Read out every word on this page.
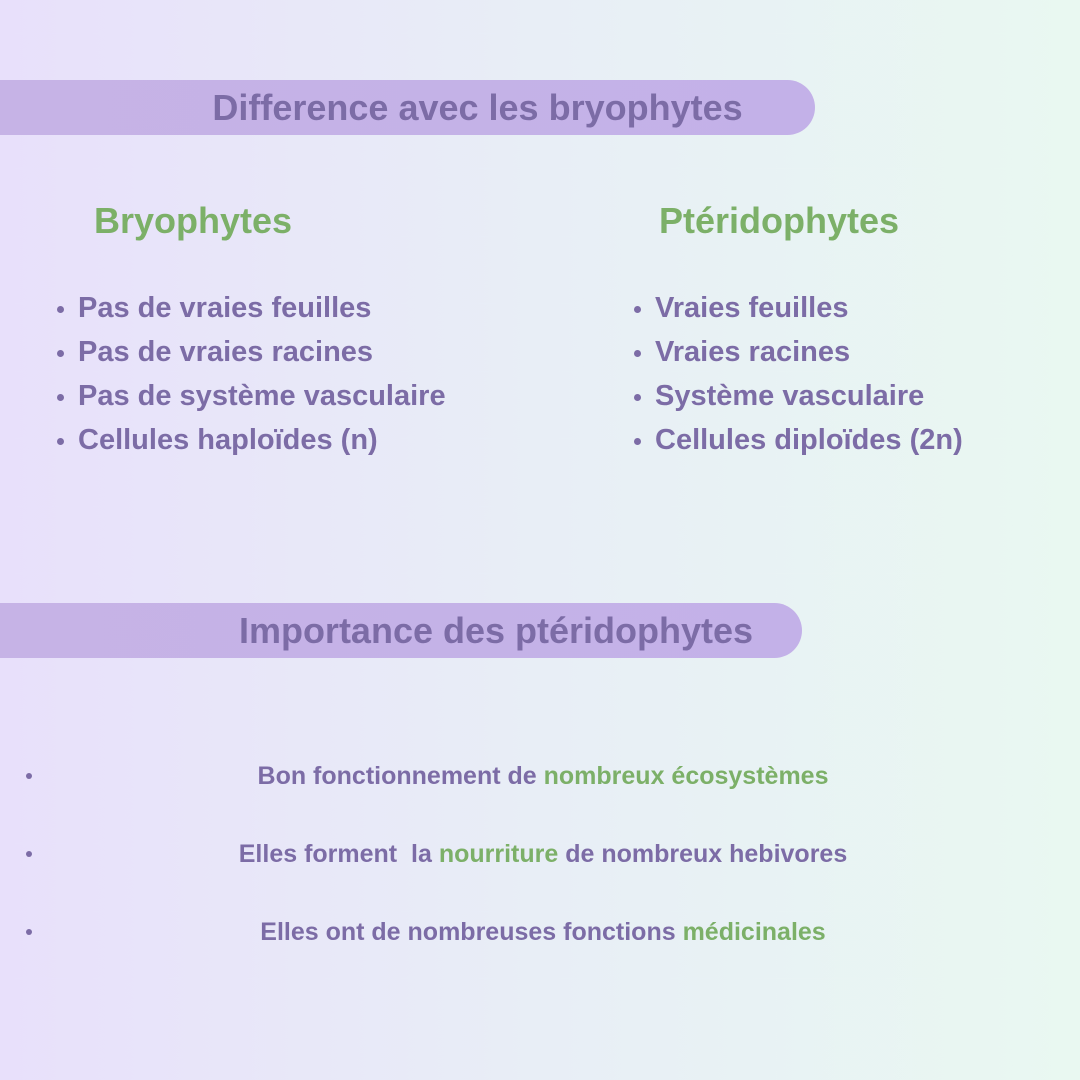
Difference avec les bryophytes
Bryophytes	Ptéridophytes
Pas de vraies feuilles
Pas de vraies racines
Pas de système vasculaire
Cellules haploïdes (n)
Vraies feuilles
Vraies racines
Système vasculaire
Cellules diploïdes (2n)
Importance des ptéridophytes
Bon fonctionnement de nombreux écosystèmes
Elles forment  la nourriture de nombreux hebivores
Elles ont de nombreuses fonctions médicinales
